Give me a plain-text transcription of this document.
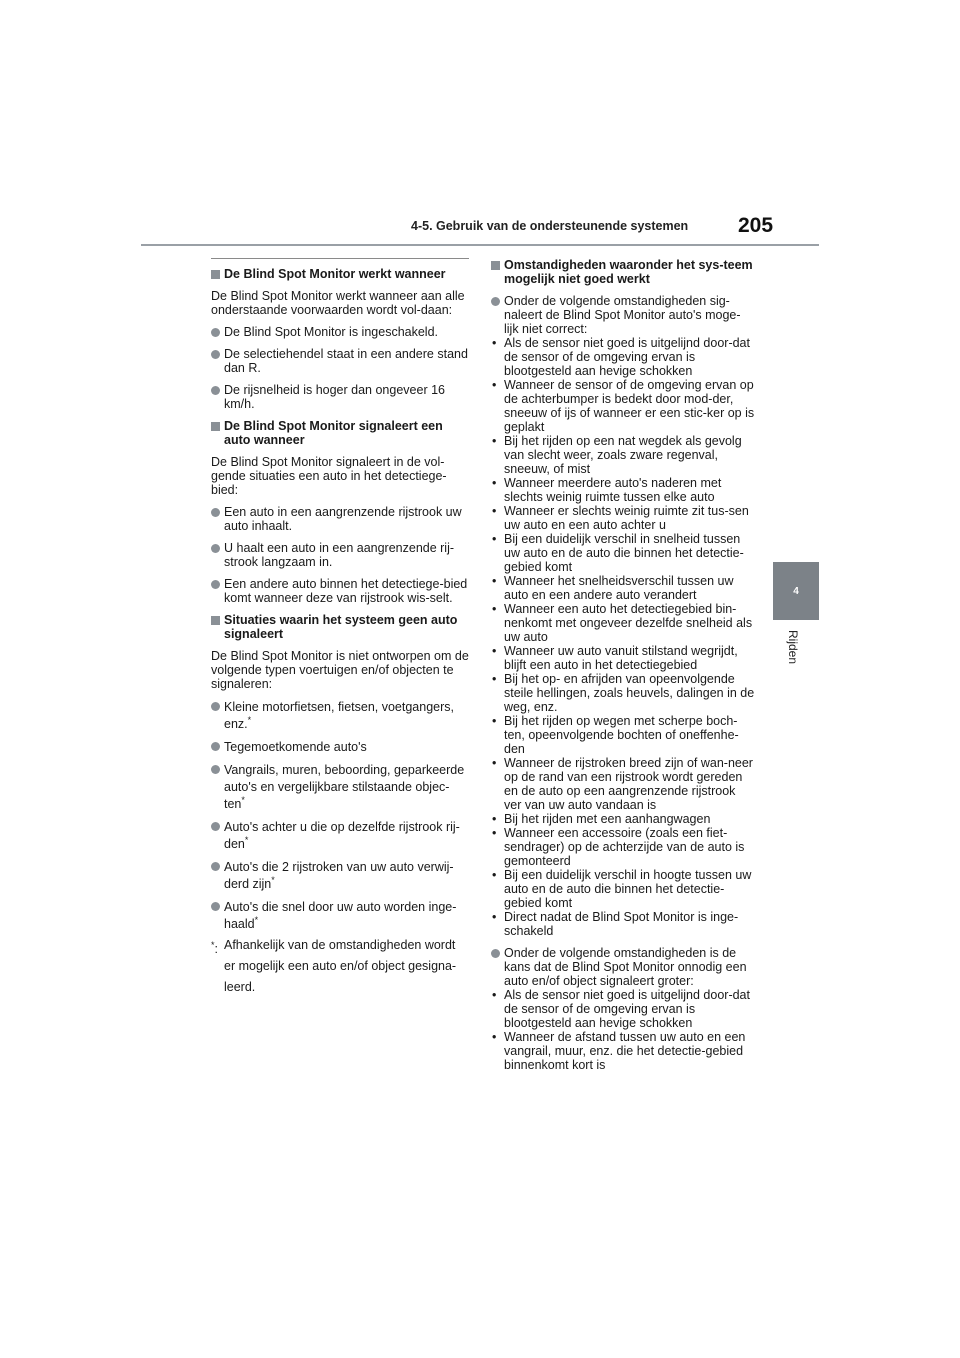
4-5. Gebruik van de ondersteunende systemen 205
4
Rijden
De Blind Spot Monitor werkt wanneer
De Blind Spot Monitor werkt wanneer aan alle onderstaande voorwaarden wordt vol-daan:
De Blind Spot Monitor is ingeschakeld.
De selectiehendel staat in een andere stand dan R.
De rijsnelheid is hoger dan ongeveer 16 km/h.
De Blind Spot Monitor signaleert een auto wanneer
De Blind Spot Monitor signaleert in de vol-gende situaties een auto in het detectiege-bied:
Een auto in een aangrenzende rijstrook uw auto inhaalt.
U haalt een auto in een aangrenzende rij-strook langzaam in.
Een andere auto binnen het detectiege-bied komt wanneer deze van rijstrook wis-selt.
Situaties waarin het systeem geen auto signaleert
De Blind Spot Monitor is niet ontworpen om de volgende typen voertuigen en/of objecten te signaleren:
Kleine motorfietsen, fietsen, voetgangers, enz.*
Tegemoetkomende auto's
Vangrails, muren, beboording, geparkeerde auto's en vergelijkbare stilstaande objec-ten*
Auto's achter u die op dezelfde rijstrook rij-den*
Auto's die 2 rijstroken van uw auto verwij-derd zijn*
Auto's die snel door uw auto worden inge-haald*
*: Afhankelijk van de omstandigheden wordt er mogelijk een auto en/of object gesigna-leerd.
Omstandigheden waaronder het sys-teem mogelijk niet goed werkt
Onder de volgende omstandigheden sig-naleert de Blind Spot Monitor auto's moge-lijk niet correct:
• Als de sensor niet goed is uitgelijnd door-dat de sensor of de omgeving ervan is blootgesteld aan hevige schokken
• Wanneer de sensor of de omgeving ervan op de achterbumper is bedekt door mod-der, sneeuw of ijs of wanneer er een stic-ker op is geplakt
• Bij het rijden op een nat wegdek als gevolg van slecht weer, zoals zware regenval, sneeuw, of mist
• Wanneer meerdere auto's naderen met slechts weinig ruimte tussen elke auto
• Wanneer er slechts weinig ruimte zit tus-sen uw auto en een auto achter u
• Bij een duidelijk verschil in snelheid tussen uw auto en de auto die binnen het detectie-gebied komt
• Wanneer het snelheidsverschil tussen uw auto en een andere auto verandert
• Wanneer een auto het detectiegebied bin-nenkomt met ongeveer dezelfde snelheid als uw auto
• Wanneer uw auto vanuit stilstand wegrijdt, blijft een auto in het detectiegebied
• Bij het op- en afrijden van opeenvolgende steile hellingen, zoals heuvels, dalingen in de weg, enz.
• Bij het rijden op wegen met scherpe boch-ten, opeenvolgende bochten of oneffenhe-den
• Wanneer de rijstroken breed zijn of wan-neer op de rand van een rijstrook wordt gereden en de auto op een aangrenzende rijstrook ver van uw auto vandaan is
• Bij het rijden met een aanhangwagen
• Wanneer een accessoire (zoals een fiet-sendrager) op de achterzijde van de auto is gemonteerd
• Bij een duidelijk verschil in hoogte tussen uw auto en de auto die binnen het detectie-gebied komt
• Direct nadat de Blind Spot Monitor is inge-schakeld
Onder de volgende omstandigheden is de kans dat de Blind Spot Monitor onnodig een auto en/of object signaleert groter:
• Als de sensor niet goed is uitgelijnd door-dat de sensor of de omgeving ervan is blootgesteld aan hevige schokken
• Wanneer de afstand tussen uw auto en een vangrail, muur, enz. die het detectie-gebied binnenkomt kort is
